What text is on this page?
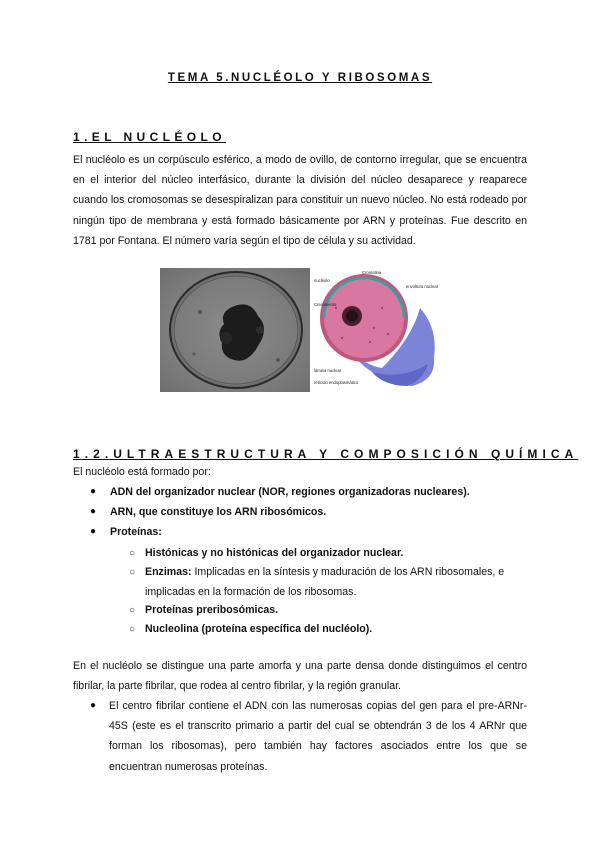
TEMA 5.NUCLÉOLO Y RIBOSOMAS
1.EL NUCLÉOLO

El nucléolo es un corpúsculo esférico, a modo de ovillo, de contorno irregular, que se encuentra en el interior del núcleo interfásico, durante la división del núcleo desaparece y reaparece cuando los cromosomas se desespiralizan para constituir un nuevo núcleo. No está rodeado por ningún tipo de membrana y está formado básicamente por ARN y proteínas. Fue descrito en 1781 por Fontana. El número varía según el tipo de célula y su actividad.

nucléolo
Cromatina
envoltura nuclear
Crecimiento
lámina nuclear
retículo endoplasmático
1.2.ULTRAESTRUCTURA Y COMPOSICIÓN QUÍMICA
El nucléolo está formado por:
● ADN del organizador nuclear (NOR, regiones organizadoras nucleares).
● ARN, que constituye los ARN ribosómicos.
● Proteínas:
○ Histónicas y no histónicas del organizador nuclear.
○ Enzimas: Implicadas en la síntesis y maduración de los ARN ribosomales, e implicadas en la formación de los ribosomas.
○ Proteínas preribosómicas.
○ Nucleolina (proteína específica del nucléolo).

En el nucléolo se distingue una parte amorfa y una parte densa donde distinguimos el centro fibrilar, la parte fibrilar, que rodea al centro fibrilar, y la región granular.

● El centro fibrilar contiene el ADN con las numerosas copias del gen para el pre-ARNr-45S (este es el transcrito primario a partir del cual se obtendrán 3 de los 4 ARNr que forman los ribosomas), pero también hay factores asociados entre los que se encuentran numerosas proteínas.
